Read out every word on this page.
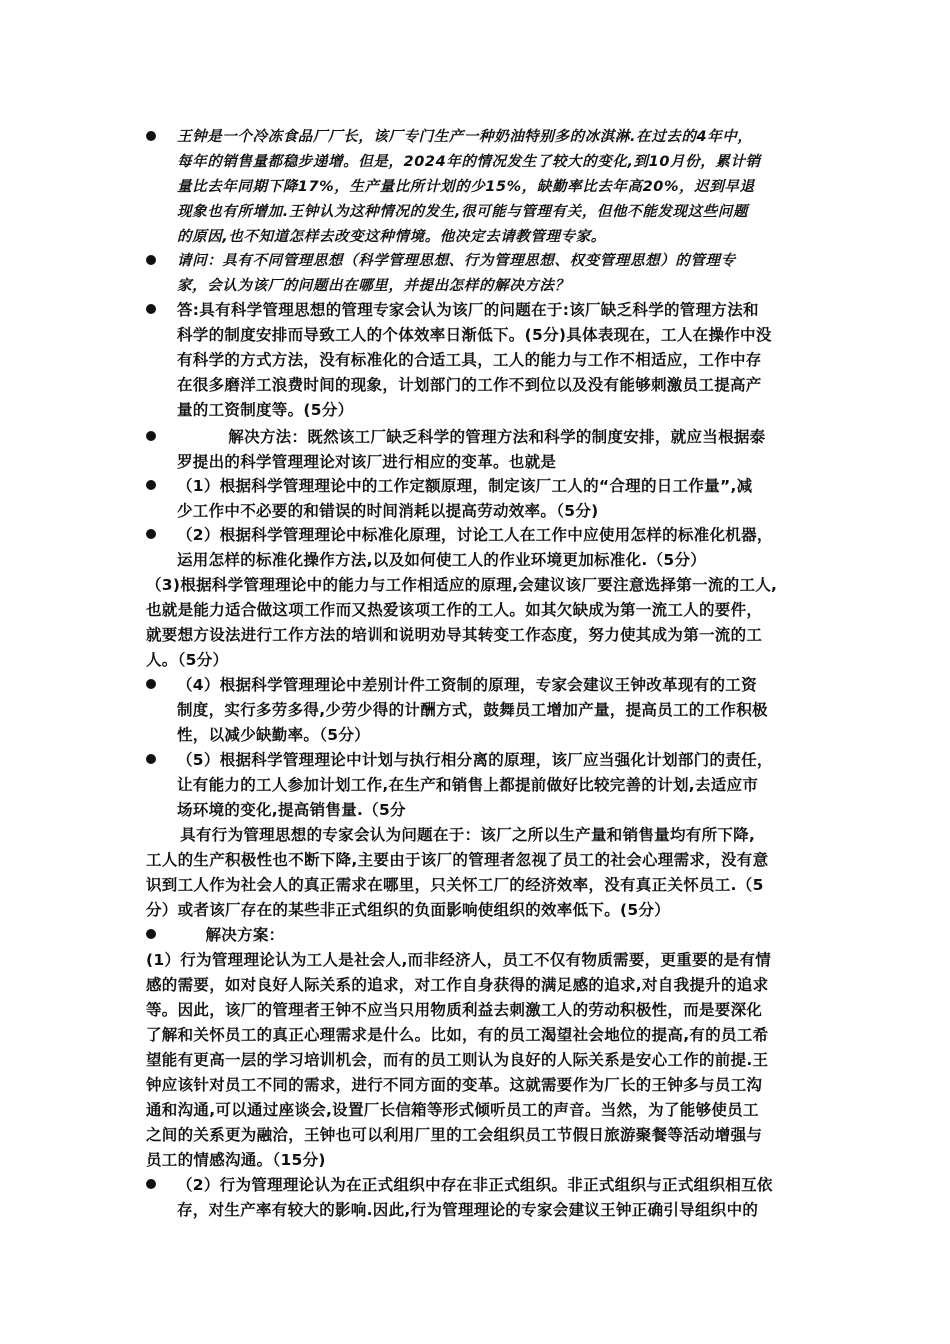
王钟是一个冷冻食品厂厂长，该厂专门生产一种奶油特别多的冰淇淋.在过去的4年中，
每年的销售量都稳步递增。但是，2024年的情况发生了较大的变化,到10月份，累计销
量比去年同期下降17%，生产量比所计划的少15%，缺勤率比去年高20%，迟到早退
现象也有所增加.王钟认为这种情况的发生,很可能与管理有关，但他不能发现这些问题
的原因,也不知道怎样去改变这种情境。他决定去请教管理专家。
请问：具有不同管理思想（科学管理思想、行为管理思想、权变管理思想）的管理专
家，会认为该厂的问题出在哪里，并提出怎样的解决方法？
答:具有科学管理思想的管理专家会认为该厂的问题在于:该厂缺乏科学的管理方法和
科学的制度安排而导致工人的个体效率日渐低下。(5分)具体表现在，工人在操作中没
有科学的方式方法，没有标准化的合适工具，工人的能力与工作不相适应，工作中存
在很多磨洋工浪费时间的现象，计划部门的工作不到位以及没有能够刺激员工提高产
量的工资制度等。(5分）
解决方法：既然该工厂缺乏科学的管理方法和科学的制度安排，就应当根据泰
罗提出的科学管理理论对该厂进行相应的变革。也就是
（1）根据科学管理理论中的工作定额原理，制定该厂工人的“合理的日工作量”,减
少工作中不必要的和错误的时间消耗以提高劳动效率。（5分)
（2）根据科学管理理论中标准化原理，讨论工人在工作中应使用怎样的标准化机器，
运用怎样的标准化操作方法,以及如何使工人的作业环境更加标准化.（5分）
（3)根据科学管理理论中的能力与工作相适应的原理,会建议该厂要注意选择第一流的工人,
也就是能力适合做这项工作而又热爱该项工作的工人。如其欠缺成为第一流工人的要件，
就要想方设法进行工作方法的培训和说明劝导其转变工作态度，努力使其成为第一流的工
人。（5分）
（4）根据科学管理理论中差别计件工资制的原理，专家会建议王钟改革现有的工资
制度，实行多劳多得,少劳少得的计酬方式，鼓舞员工增加产量，提高员工的工作积极
性，以减少缺勤率。（5分）
（5）根据科学管理理论中计划与执行相分离的原理，该厂应当强化计划部门的责任，
让有能力的工人参加计划工作,在生产和销售上都提前做好比较完善的计划,去适应市
场环境的变化,提高销售量.（5分
具有行为管理思想的专家会认为问题在于：该厂之所以生产量和销售量均有所下降,
工人的生产积极性也不断下降,主要由于该厂的管理者忽视了员工的社会心理需求，没有意
识到工人作为社会人的真正需求在哪里，只关怀工厂的经济效率，没有真正关怀员工.（5
分）或者该厂存在的某些非正式组织的负面影响使组织的效率低下。(5分）
解决方案：
(1）行为管理理论认为工人是社会人,而非经济人，员工不仅有物质需要，更重要的是有情
感的需要，如对良好人际关系的追求，对工作自身获得的满足感的追求,对自我提升的追求
等。因此，该厂的管理者王钟不应当只用物质利益去刺激工人的劳动积极性，而是要深化
了解和关怀员工的真正心理需求是什么。比如，有的员工渴望社会地位的提高,有的员工希
望能有更高一层的学习培训机会，而有的员工则认为良好的人际关系是安心工作的前提.王
钟应该针对员工不同的需求，进行不同方面的变革。这就需要作为厂长的王钟多与员工沟
通和沟通,可以通过座谈会,设置厂长信箱等形式倾听员工的声音。当然，为了能够使员工
之间的关系更为融洽，王钟也可以利用厂里的工会组织员工节假日旅游聚餐等活动增强与
员工的情感沟通。（15分)
（2）行为管理理论认为在正式组织中存在非正式组织。非正式组织与正式组织相互依
存，对生产率有较大的影响.因此,行为管理理论的专家会建议王钟正确引导组织中的
